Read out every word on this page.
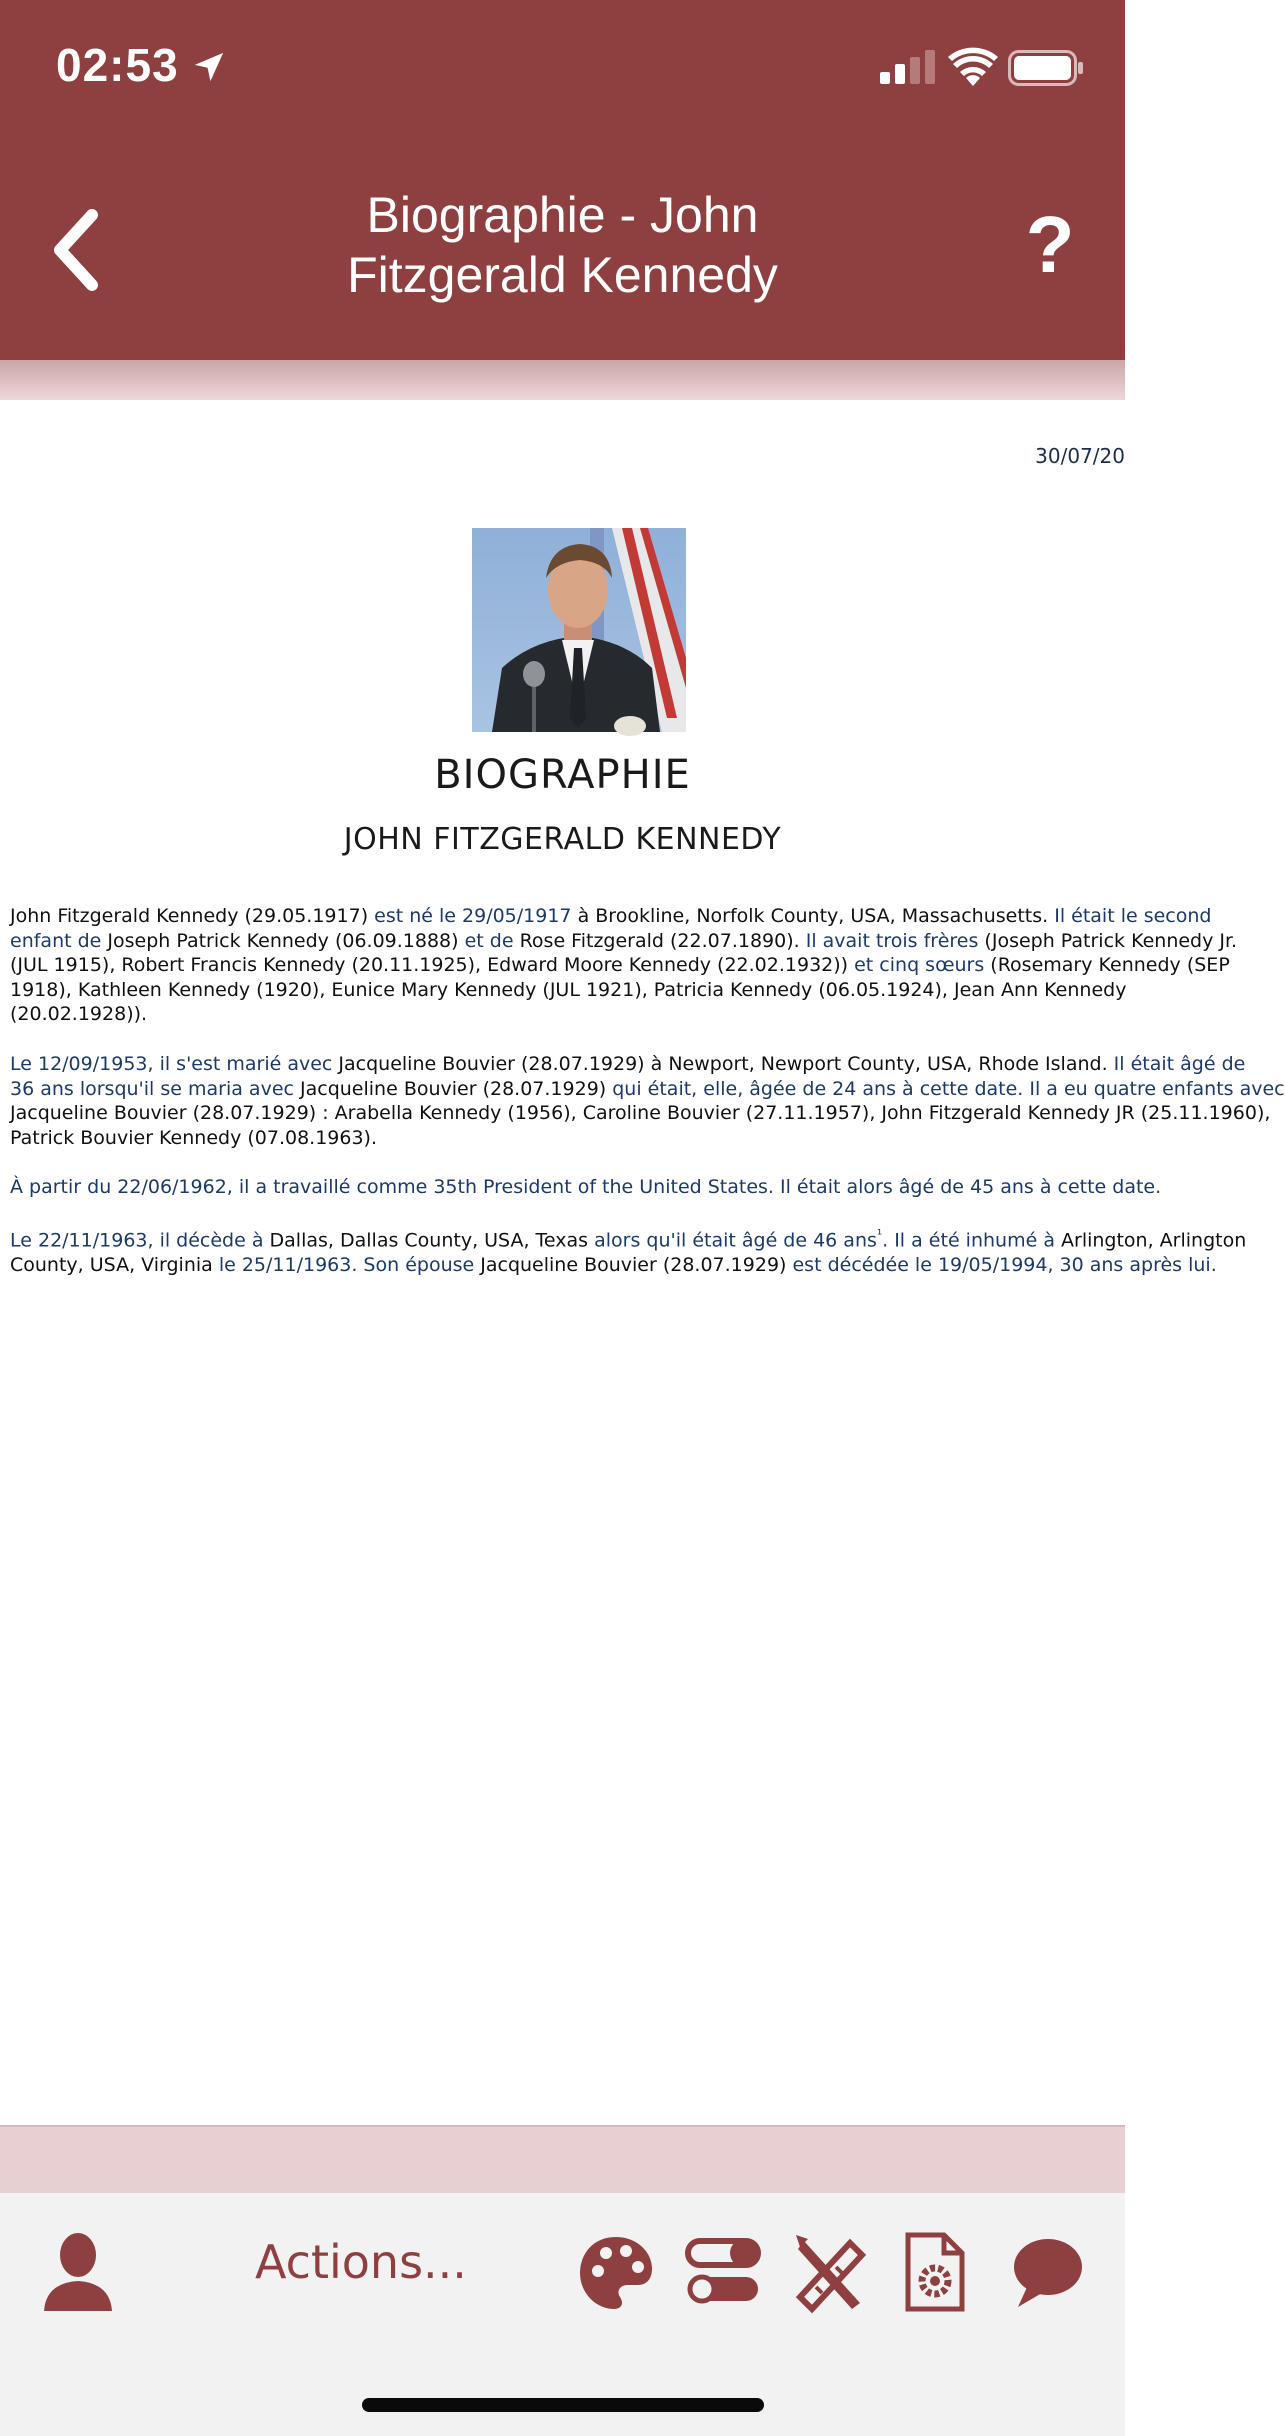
02:53
Biographie - John
Fitzgerald Kennedy	?
30/07/20
BIOGRAPHIE
JOHN FITZGERALD KENNEDY
John Fitzgerald Kennedy (29.05.1917) est né le 29/05/1917 à Brookline, Norfolk County, USA, Massachusetts. Il était le second
enfant de Joseph Patrick Kennedy (06.09.1888) et de Rose Fitzgerald (22.07.1890). Il avait trois frères (Joseph Patrick Kennedy Jr.
(JUL 1915), Robert Francis Kennedy (20.11.1925), Edward Moore Kennedy (22.02.1932)) et cinq sœurs (Rosemary Kennedy (SEP
1918), Kathleen Kennedy (1920), Eunice Mary Kennedy (JUL 1921), Patricia Kennedy (06.05.1924), Jean Ann Kennedy
(20.02.1928)).
Le 12/09/1953, il s'est marié avec Jacqueline Bouvier (28.07.1929) à Newport, Newport County, USA, Rhode Island. Il était âgé de
36 ans lorsqu'il se maria avec Jacqueline Bouvier (28.07.1929) qui était, elle, âgée de 24 ans à cette date. Il a eu quatre enfants avec
Jacqueline Bouvier (28.07.1929) : Arabella Kennedy (1956), Caroline Bouvier (27.11.1957), John Fitzgerald Kennedy JR (25.11.1960),
Patrick Bouvier Kennedy (07.08.1963).
À partir du 22/06/1962, il a travaillé comme 35th President of the United States. Il était alors âgé de 45 ans à cette date.
Le 22/11/1963, il décède à Dallas, Dallas County, USA, Texas alors qu'il était âgé de 46 ans$^{^1}$. Il a été inhumé à Arlington, Arlington
County, USA, Virginia le 25/11/1963. Son épouse Jacqueline Bouvier (28.07.1929) est décédée le 19/05/1994, 30 ans après lui.
Actions...
